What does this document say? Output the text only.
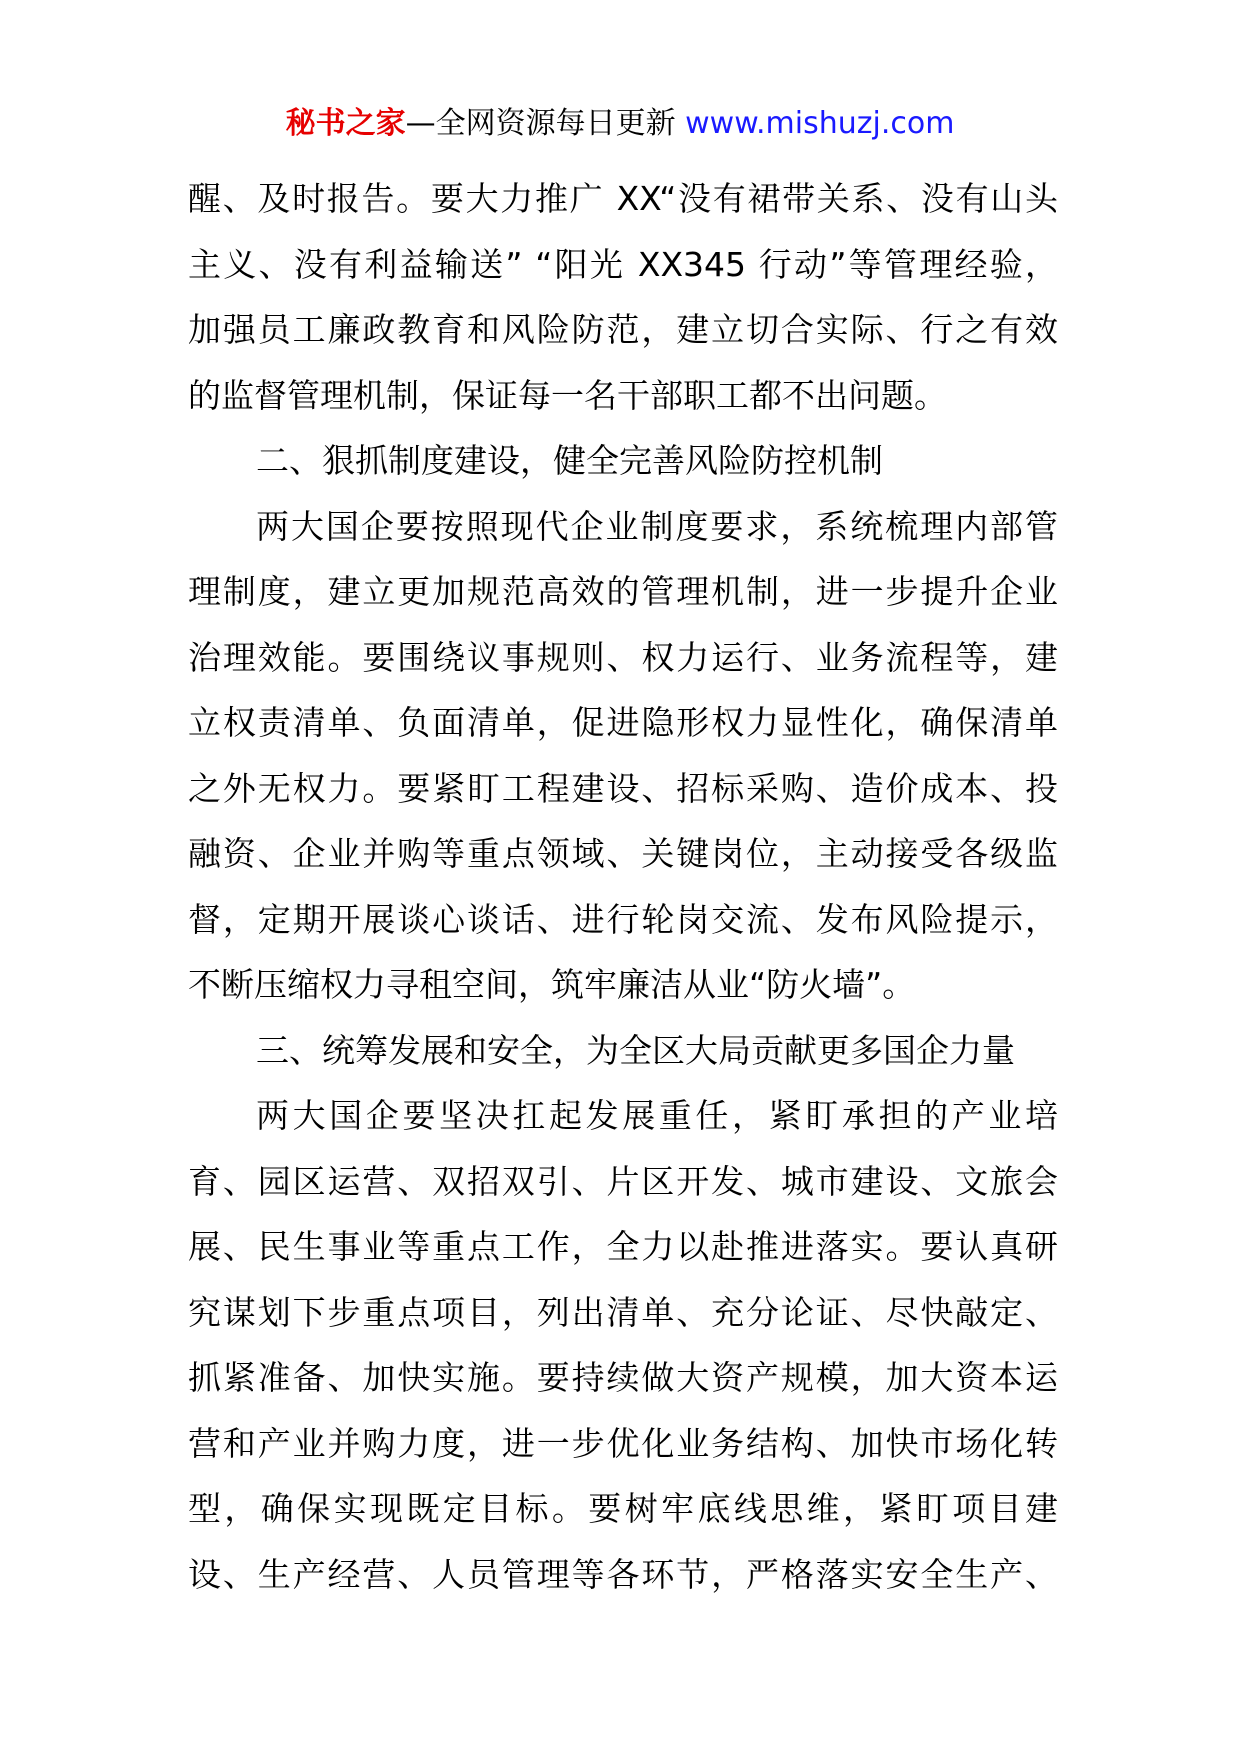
秘书之家—全网资源每日更新 www.mishuzj.com
醒、及时报告。要大力推广 XX“没有裙带关系、没有山头
主义、没有利益输送” “阳光 XX345 行动”等管理经验，
加强员工廉政教育和风险防范，建立切合实际、行之有效
的监督管理机制，保证每一名干部职工都不出问题。
二、狠抓制度建设，健全完善风险防控机制
两大国企要按照现代企业制度要求，系统梳理内部管
理制度，建立更加规范高效的管理机制，进一步提升企业
治理效能。要围绕议事规则、权力运行、业务流程等，建
立权责清单、负面清单，促进隐形权力显性化，确保清单
之外无权力。要紧盯工程建设、招标采购、造价成本、投
融资、企业并购等重点领域、关键岗位，主动接受各级监
督，定期开展谈心谈话、进行轮岗交流、发布风险提示，
不断压缩权力寻租空间，筑牢廉洁从业“防火墙”。
三、统筹发展和安全，为全区大局贡献更多国企力量
两大国企要坚决扛起发展重任，紧盯承担的产业培
育、园区运营、双招双引、片区开发、城市建设、文旅会
展、民生事业等重点工作，全力以赴推进落实。要认真研
究谋划下步重点项目，列出清单、充分论证、尽快敲定、
抓紧准备、加快实施。要持续做大资产规模，加大资本运
营和产业并购力度，进一步优化业务结构、加快市场化转
型，确保实现既定目标。要树牢底线思维，紧盯项目建
设、生产经营、人员管理等各环节，严格落实安全生产、
